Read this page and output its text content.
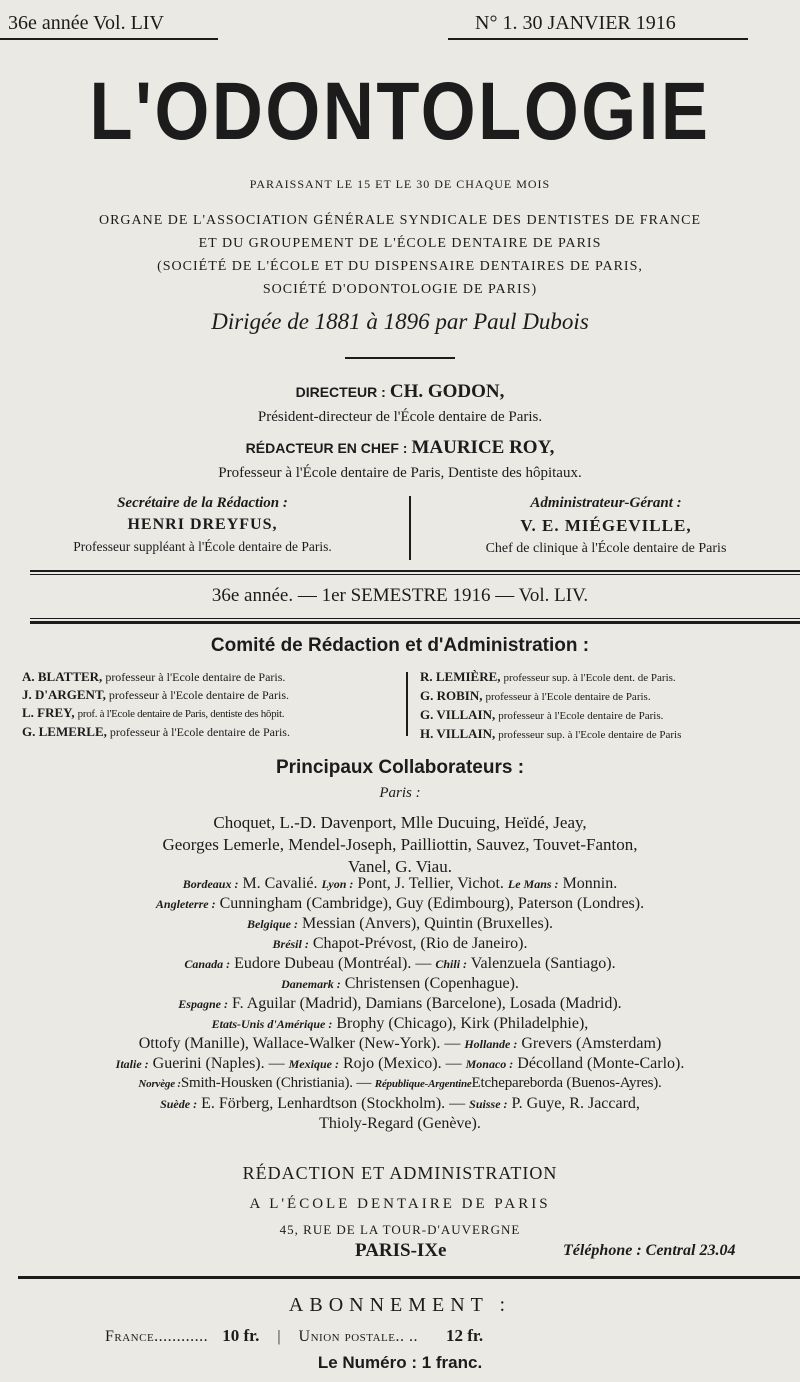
36e année Vol. LIV	N° 1. 30 JANVIER 1916
L'ODONTOLOGIE
PARAISSANT LE 15 ET LE 30 DE CHAQUE MOIS
ORGANE DE L'ASSOCIATION GÉNÉRALE SYNDICALE DES DENTISTES DE FRANCE
ET DU GROUPEMENT DE L'ÉCOLE DENTAIRE DE PARIS
(SOCIÉTÉ DE L'ÉCOLE ET DU DISPENSAIRE DENTAIRES DE PARIS,
SOCIÉTÉ D'ODONTOLOGIE DE PARIS)
Dirigée de 1881 à 1896 par Paul Dubois
DIRECTEUR : CH. GODON,
Président-directeur de l'École dentaire de Paris.
RÉDACTEUR EN CHEF : MAURICE ROY,
Professeur à l'École dentaire de Paris, Dentiste des hôpitaux.
Secrétaire de la Rédaction :
HENRI DREYFUS,
Professeur suppléant à l'École dentaire de Paris.
Administrateur-Gérant :
V. E. MIÉGEVILLE,
Chef de clinique à l'École dentaire de Paris
36e année. — 1er SEMESTRE 1916 — Vol. LIV.
Comité de Rédaction et d'Administration :
A. BLATTER, professeur à l'Ecole dentaire de Paris.
J. D'ARGENT, professeur à l'Ecole dentaire de Paris.
L. FREY, prof. à l'Ecole dentaire de Paris, dentiste des hôpit.
G. LEMERLE, professeur à l'Ecole dentaire de Paris.
R. LEMIÈRE, professeur sup. à l'Ecole dent. de Paris.
G. ROBIN, professeur à l'Ecole dentaire de Paris.
G. VILLAIN, professeur à l'Ecole dentaire de Paris.
H. VILLAIN, professeur sup. à l'Ecole dentaire de Paris
Principaux Collaborateurs :
Paris :
Choquet, L.-D. Davenport, Mlle Ducuing, Heïdé, Jeay,
Georges Lemerle, Mendel-Joseph, Pailliottin, Sauvez, Touvet-Fanton,
Vanel, G. Viau.
Bordeaux : M. Cavalié. Lyon : Pont, J. Tellier, Vichot. Le Mans : Monnin.
Angleterre : Cunningham (Cambridge), Guy (Edimbourg), Paterson (Londres).
Belgique : Messian (Anvers), Quintin (Bruxelles).
Brésil : Chapot-Prévost, (Rio de Janeiro).
Canada : Eudore Dubeau (Montréal). — Chili : Valenzuela (Santiago).
Danemark : Christensen (Copenhague).
Espagne : F. Aguilar (Madrid), Damians (Barcelone), Losada (Madrid).
Etats-Unis d'Amérique : Brophy (Chicago), Kirk (Philadelphie),
Ottofy (Manille), Wallace-Walker (New-York). — Hollande : Grevers (Amsterdam)
Italie : Guerini (Naples). — Mexique : Rojo (Mexico). — Monaco : Décolland (Monte-Carlo).
Norvège :Smith-Housken (Christiania). — République-ArgentineEtchepareborda (Buenos-Ayres).
Suède : E. Förberg, Lenhardtson (Stockholm). — Suisse : P. Guye, R. Jaccard,
Thioly-Regard (Genève).
RÉDACTION ET ADMINISTRATION
A L'ÉCOLE DENTAIRE DE PARIS
45, RUE DE LA TOUR-D'AUVERGNE
PARIS-IXe	Téléphone : Central 23.04
ABONNEMENT :
France............ 10 fr. | Union postale.. .. 12 fr.
Le Numéro : 1 franc.
